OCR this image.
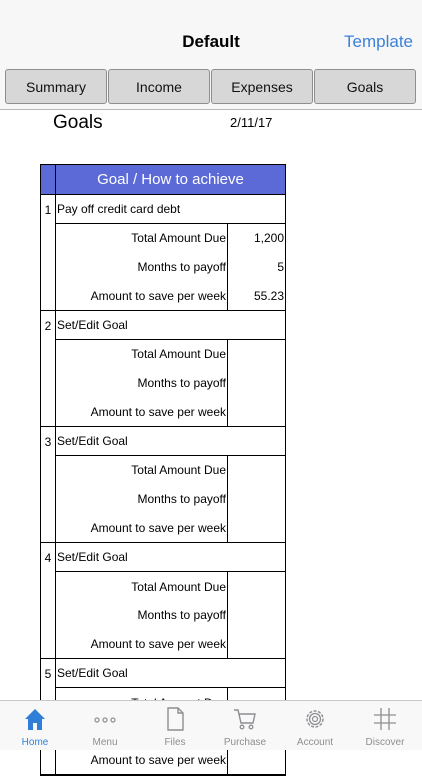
Default	Template
Summary	Income	Expenses	Goals
Goals	2/11/17
Goal / How to achieve
1 Pay off credit card debt
Total Amount Due	1,200
Months to payoff	5
Amount to save per week	55.23
2 Set/Edit Goal
Total Amount Due
Months to payoff
Amount to save per week
3 Set/Edit Goal
Total Amount Due
Months to payoff
Amount to save per week
4 Set/Edit Goal
Total Amount Due
Months to payoff
Amount to save per week
5 Set/Edit Goal
Amount to save per week
Home	Menu	Files	Purchase	Account	Discover
